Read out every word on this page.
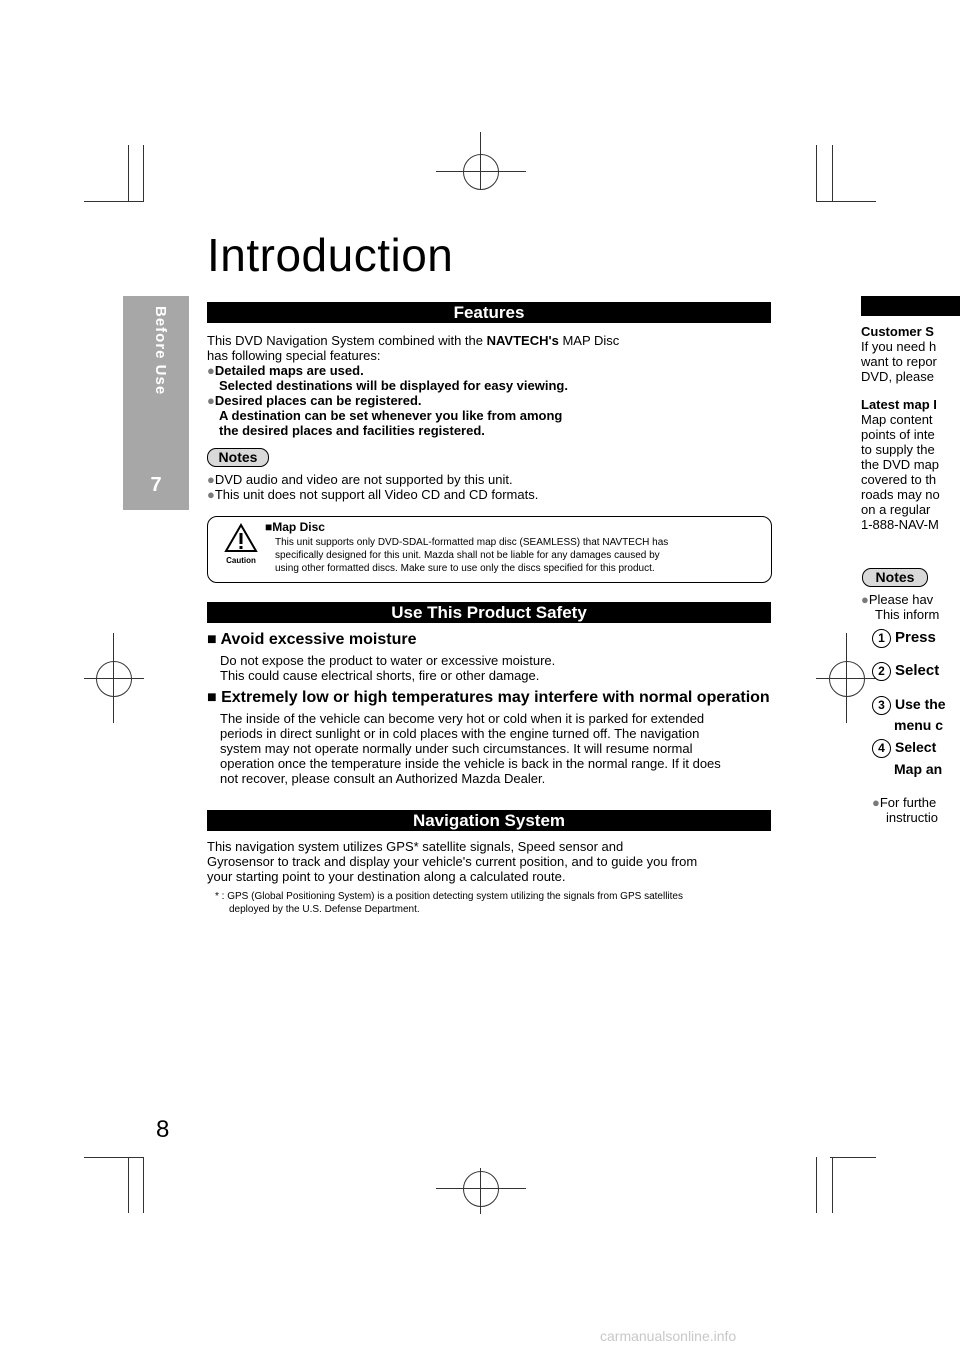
Before Use
7
Introduction
Features
This DVD Navigation System combined with the NAVTECH's MAP Disc
has following special features:
●Detailed maps are used.
Selected destinations will be displayed for easy viewing.
●Desired places can be registered.
A destination can be set whenever you like from among
the desired places and facilities registered.
Notes
●DVD audio and video are not supported by this unit.
●This unit does not support all Video CD and CD formats.
Caution
■Map Disc
This unit supports only DVD-SDAL-formatted map disc (SEAMLESS) that NAVTECH has
specifically designed for this unit. Mazda shall not be liable for any damages caused by
using other formatted discs. Make sure to use only the discs specified for this product.
Use This Product Safety
■ Avoid excessive moisture
Do not expose the product to water or excessive moisture.
This could cause electrical shorts, fire or other damage.
■ Extremely low or high temperatures may interfere with normal operation
The inside of the vehicle can become very hot or cold when it is parked for extended
periods in direct sunlight or in cold places with the engine turned off. The navigation
system may not operate normally under such circumstances. It will resume normal
operation once the temperature inside the vehicle is back in the normal range. If it does
not recover, please consult an Authorized Mazda Dealer.
Navigation System
This navigation system utilizes GPS* satellite signals, Speed sensor and
Gyrosensor to track and display your vehicle's current position, and to guide you from
your starting point to your destination along a calculated route.
* : GPS (Global Positioning System) is a position detecting system utilizing the signals from GPS satellites
deployed by the U.S. Defense Department.
Customer S
If you need h
want to repor
DVD, please
Latest map I
Map content
points of inte
to supply the
the DVD map
covered to th
roads may no
on a regular
1-888-NAV-M
Notes
●Please hav
This inform
1 Press
2 Select
3 Use the
menu c
4 Select
Map an
●For furthe
instructio
8
carmanualsonline.info
